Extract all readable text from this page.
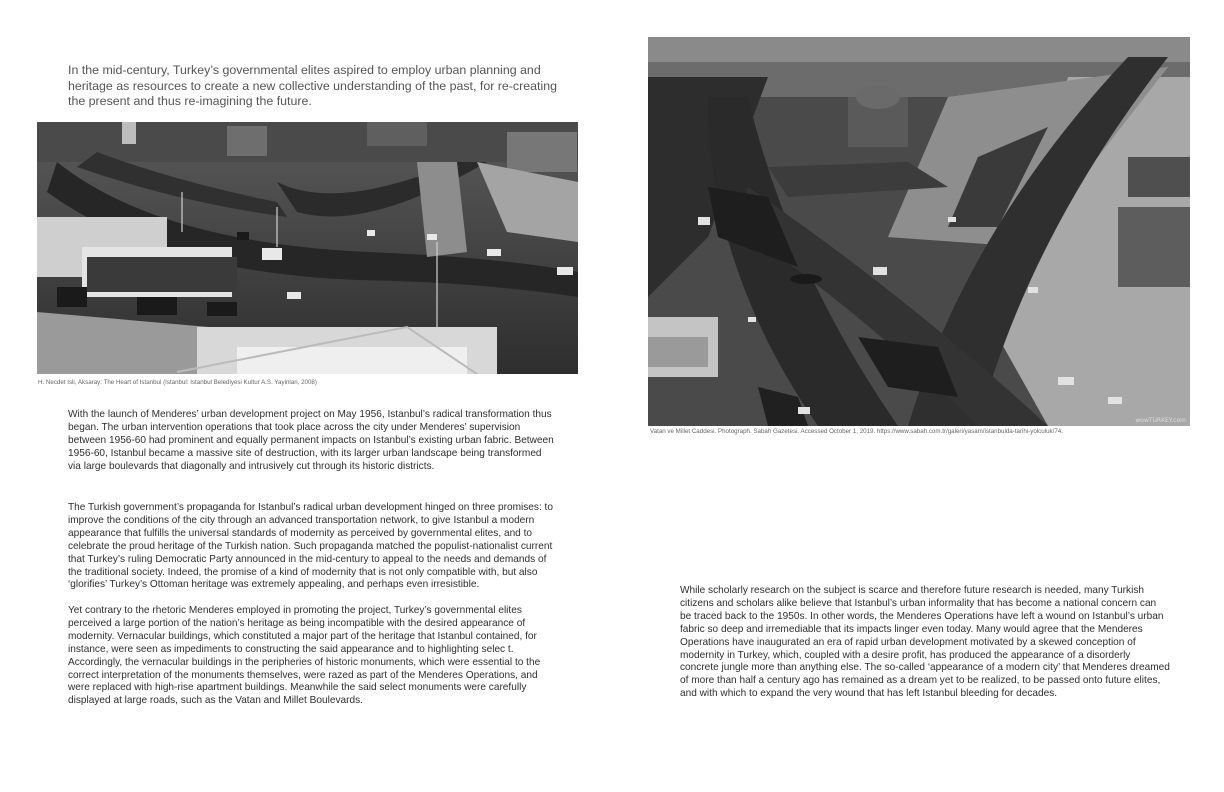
In the mid-century, Turkey’s governmental elites aspired to employ urban planning and heritage as resources to create a new collective understanding of the past, for re-creating the present and thus re-imagining the future.

H. Necdet Isli, Aksaray: The Heart of Istanbul (Istanbul: Istanbul Belediyesi Kultur A.S. Yayinlari, 2008)

With the launch of Menderes’ urban development project on May 1956, Istanbul’s radical transformation thus began. The urban intervention operations that took place across the city under Menderes’ supervision between 1956-60 had prominent and equally permanent impacts on Istanbul’s existing urban fabric. Between 1956-60, Istanbul became a massive site of destruction, with its larger urban landscape being transformed via large boulevards that diagonally and intrusively cut through its historic districts.

The Turkish government’s propaganda for Istanbul’s radical urban development hinged on three promises: to improve the conditions of the city through an advanced transportation network, to give Istanbul a modern appearance that fulfills the universal standards of modernity as perceived by governmental elites, and to celebrate the proud heritage of the Turkish nation. Such propaganda matched the populist-nationalist current that Turkey’s ruling Democratic Party announced in the mid-century to appeal to the needs and demands of the traditional society. Indeed, the promise of a kind of modernity that is not only compatible with, but also ‘glorifies’ Turkey’s Ottoman heritage was extremely appealing, and perhaps even irresistible.

Yet contrary to the rhetoric Menderes employed in promoting the project, Turkey’s governmental elites perceived a large portion of the nation’s heritage as being incompatible with the desired appearance of modernity. Vernacular buildings, which constituted a major part of the heritage that Istanbul contained, for instance, were seen as impediments to constructing the said appearance and to highlighting selec t. Accordingly, the vernacular buildings in the peripheries of historic monuments, which were essential to the correct interpretation of the monuments themselves, were razed as part of the Menderes Operations, and were replaced with high-rise apartment buildings. Meanwhile the said select monuments were carefully displayed at large roads, such as the Vatan and Millet Boulevards.

wowTURKEY.com

Vatan ve Millet Caddesi. Photograph. Sabah Gazetesi. Accessed October 1, 2019. https://www.sabah.com.tr/galeri/yasam/istanbulda-tarihi-yolculuk/74.

While scholarly research on the subject is scarce and therefore future research is needed, many Turkish citizens and scholars alike believe that Istanbul’s urban informality that has become a national concern can be traced back to the 1950s. In other words, the Menderes Operations have left a wound on Istanbul’s urban fabric so deep and irremediable that its impacts linger even today. Many would agree that the Menderes Operations have inaugurated an era of rapid urban development motivated by a skewed conception of modernity in Turkey, which, coupled with a desire profit, has produced the appearance of a disorderly concrete jungle more than anything else. The so-called ‘appearance of a modern city’ that Menderes dreamed of more than half a century ago has remained as a dream yet to be realized, to be passed onto future elites, and with which to expand the very wound that has left Istanbul bleeding for decades.
